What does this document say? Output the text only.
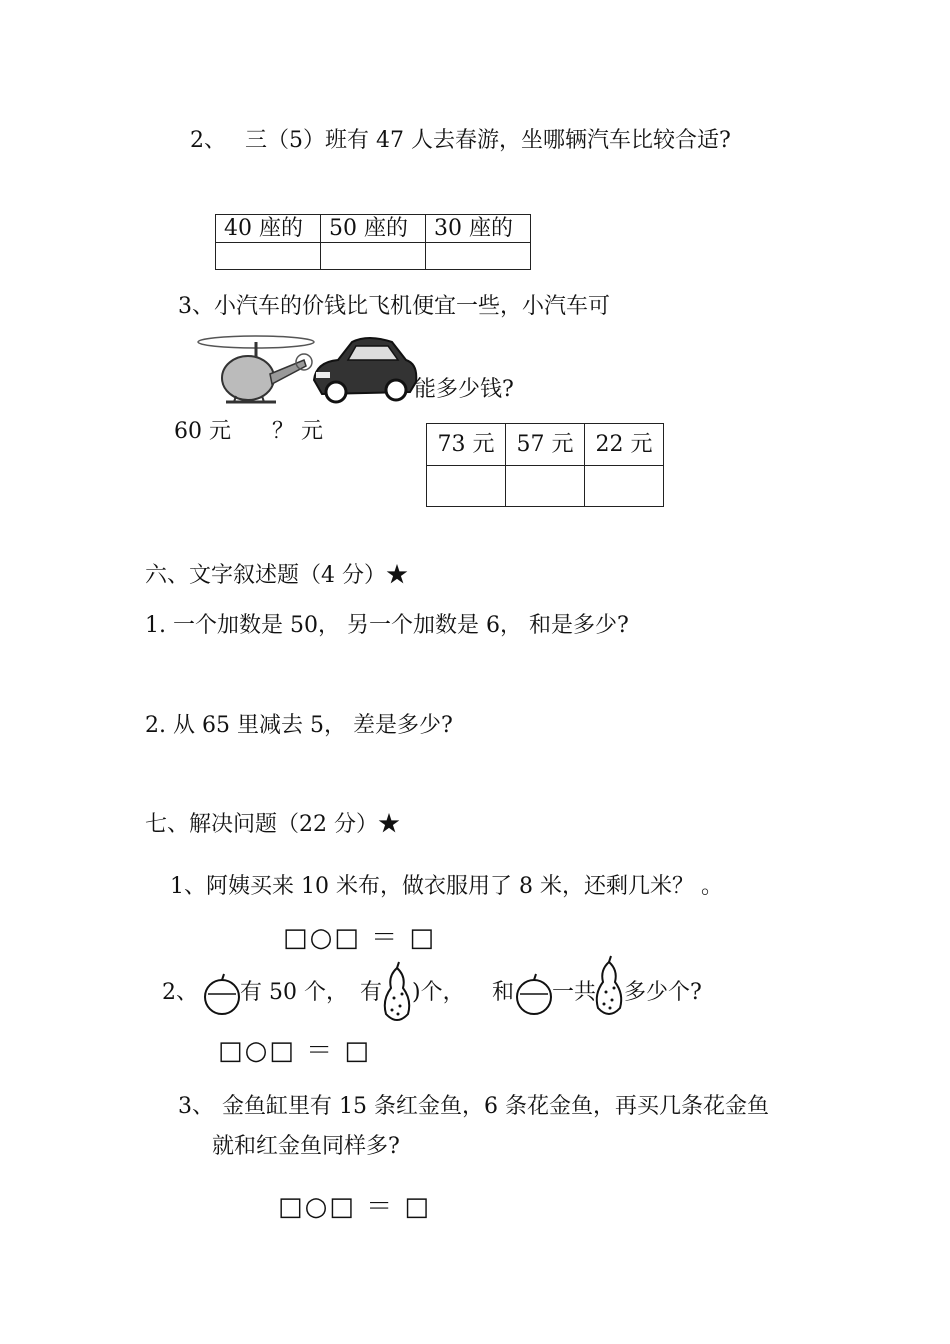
2、 三（5）班有 47 人去春游，坐哪辆汽车比较合适?
40 座的	50 座的	30 座的

3、小汽车的价钱比飞机便宜一些，小汽车可
能多少钱?
60 元 ？ 元	73 元	57 元	22 元

六、文字叙述题（4 分）★
1. 一个加数是 50， 另一个加数是 6， 和是多少?
2. 从 65 里减去 5， 差是多少?
七、解决问题（22 分）★
1、阿姨买来 10 米布，做衣服用了 8 米，还剩几米？ 。
□○□ ＝ □
2、 有 50 个， 有 )个， 和 一共 多少个?
□○□ ＝ □
3、 金鱼缸里有 15 条红金鱼，6 条花金鱼，再买几条花金鱼
就和红金鱼同样多?
□○□ ＝ □
